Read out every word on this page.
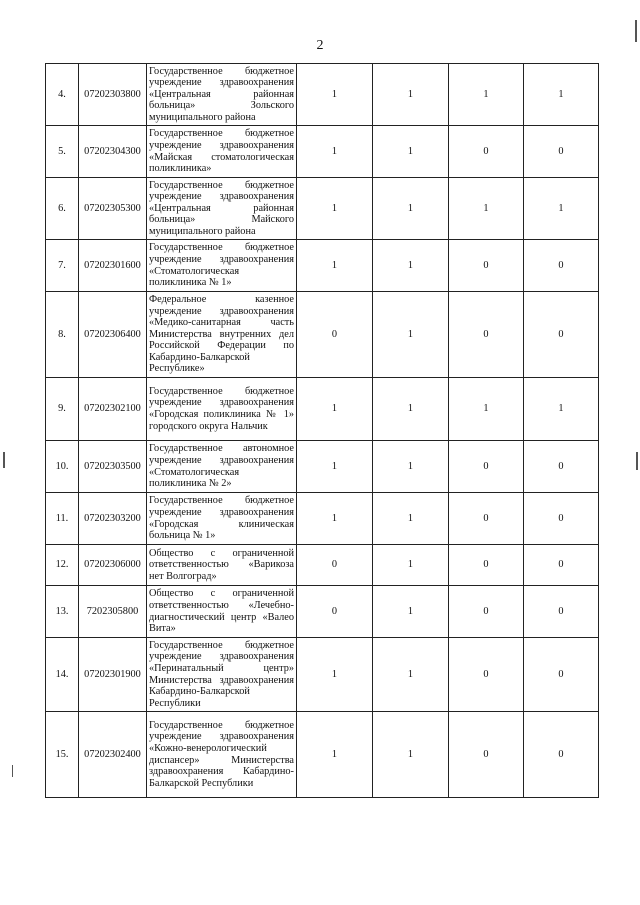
2
4.	07202303800	Государственное бюджетное учреждение здравоохранения «Центральная районная больница» Зольского муниципального района	1	1	1	1
5.	07202304300	Государственное бюджетное учреждение здравоохранения «Майская стоматологическая поликлиника»	1	1	0	0
6.	07202305300	Государственное бюджетное учреждение здравоохранения «Центральная районная больница» Майского муниципального района	1	1	1	1
7.	07202301600	Государственное бюджетное учреждение здравоохранения «Стоматологическая поликлиника № 1»	1	1	0	0
8.	07202306400	Федеральное казенное учреждение здравоохранения «Медико-санитарная часть Министерства внутренних дел Российской Федерации по Кабардино-Балкарской Республике»	0	1	0	0
9.	07202302100	Государственное бюджетное учреждение здравоохранения «Городская поликлиника № 1» городского округа Нальчик	1	1	1	1
10.	07202303500	Государственное автономное учреждение здравоохранения «Стоматологическая поликлиника № 2»	1	1	0	0
11.	07202303200	Государственное бюджетное учреждение здравоохранения «Городская клиническая больница № 1»	1	1	0	0
12.	07202306000	Общество с ограниченной ответственностью «Варикоза нет Волгоград»	0	1	0	0
13.	7202305800	Общество с ограниченной ответственностью «Лечебно-диагностический центр «Валео Вита»	0	1	0	0
14.	07202301900	Государственное бюджетное учреждение здравоохранения «Перинатальный центр» Министерства здравоохранения Кабардино-Балкарской Республики	1	1	0	0
15.	07202302400	Государственное бюджетное учреждение здравоохранения «Кожно-венерологический диспансер» Министерства здравоохранения Кабардино-Балкарской Республики	1	1	0	0
